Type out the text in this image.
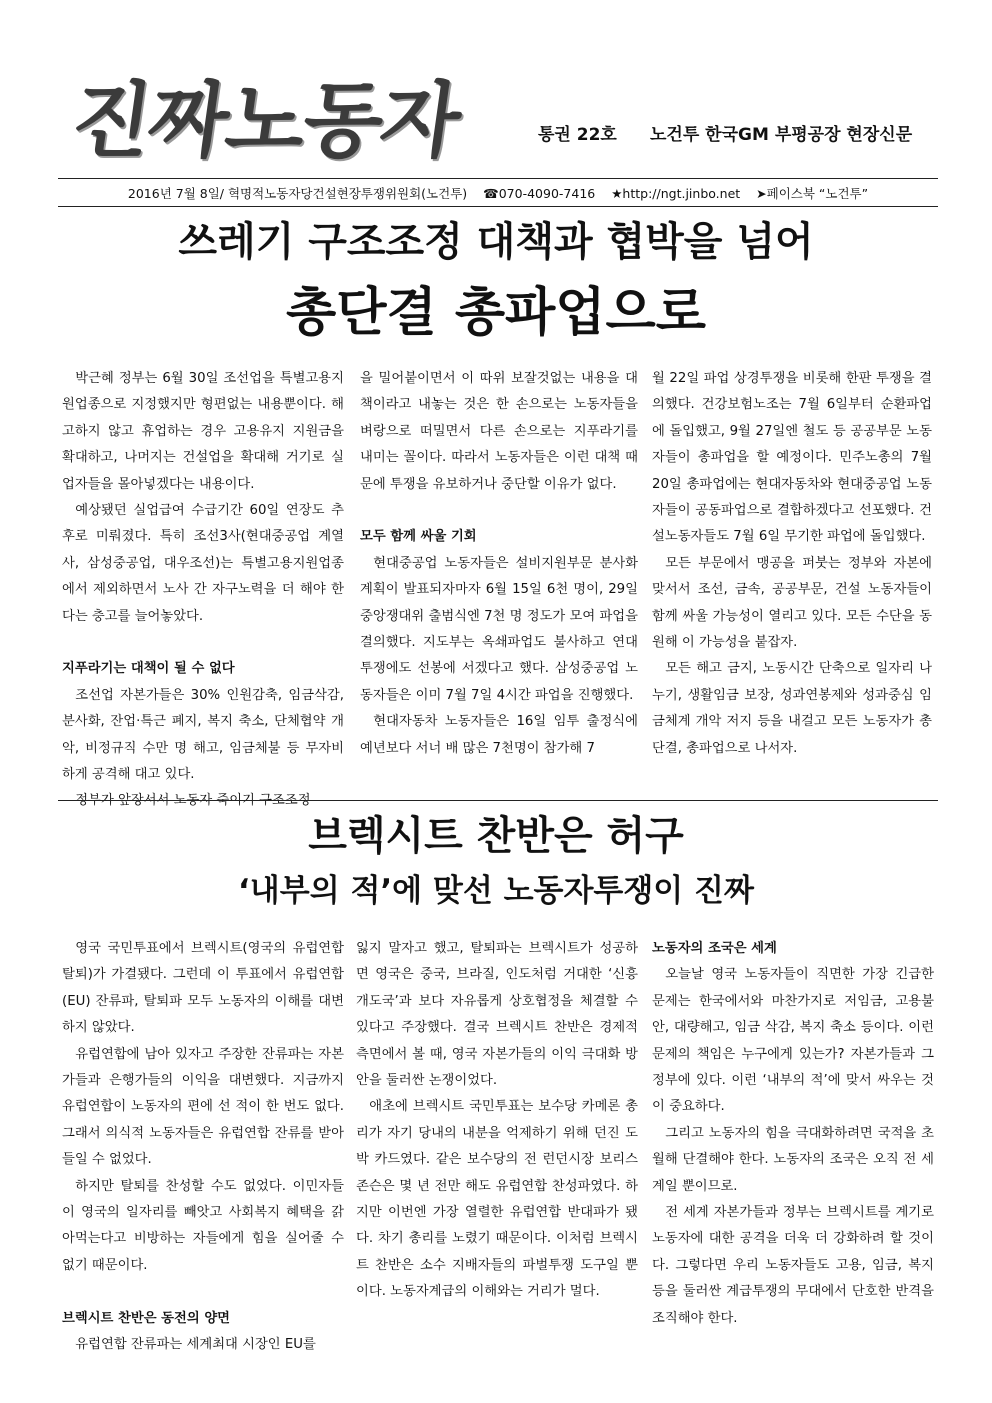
진짜노동자	통권 22호 노건투 한국GM 부평공장 현장신문
2016년 7월 8일/ 혁명적노동자당건설현장투쟁위원회(노건투) ☎070-4090-7416 ★http://ngt.jinbo.net ➤페이스북 “노건투”
쓰레기 구조조정 대책과 협박을 넘어
총단결 총파업으로

박근혜 정부는 6월 30일 조선업을 특별고용지원업종으로 지정했지만 형편없는 내용뿐이다. 해고하지 않고 휴업하는 경우 고용유지 지원금을 확대하고, 나머지는 건설업을 확대해 거기로 실업자들을 몰아넣겠다는 내용이다.

예상됐던 실업급여 수급기간 60일 연장도 추후로 미뤄졌다. 특히 조선3사(현대중공업 계열사, 삼성중공업, 대우조선)는 특별고용지원업종에서 제외하면서 노사 간 자구노력을 더 해야 한다는 충고를 늘어놓았다.

지푸라기는 대책이 될 수 없다

조선업 자본가들은 30% 인원감축, 임금삭감, 분사화, 잔업·특근 폐지, 복지 축소, 단체협약 개악, 비정규직 수만 명 해고, 임금체불 등 무자비하게 공격해 대고 있다.

정부가 앞장서서 노동자 죽이기 구조조정

을 밀어붙이면서 이 따위 보잘것없는 내용을 대책이라고 내놓는 것은 한 손으로는 노동자들을 벼랑으로 떠밀면서 다른 손으로는 지푸라기를 내미는 꼴이다. 따라서 노동자들은 이런 대책 때문에 투쟁을 유보하거나 중단할 이유가 없다.

모두 함께 싸울 기회

현대중공업 노동자들은 설비지원부문 분사화 계획이 발표되자마자 6월 15일 6천 명이, 29일 중앙쟁대위 출범식엔 7천 명 정도가 모여 파업을 결의했다. 지도부는 옥쇄파업도 불사하고 연대투쟁에도 선봉에 서겠다고 했다. 삼성중공업 노동자들은 이미 7월 7일 4시간 파업을 진행했다.

현대자동차 노동자들은 16일 임투 출정식에 예년보다 서너 배 많은 7천명이 참가해 7

월 22일 파업 상경투쟁을 비롯해 한판 투쟁을 결의했다. 건강보험노조는 7월 6일부터 순환파업에 돌입했고, 9월 27일엔 철도 등 공공부문 노동자들이 총파업을 할 예정이다. 민주노총의 7월 20일 총파업에는 현대자동차와 현대중공업 노동자들이 공동파업으로 결합하겠다고 선포했다. 건설노동자들도 7월 6일 무기한 파업에 돌입했다.

모든 부문에서 맹공을 퍼붓는 정부와 자본에 맞서서 조선, 금속, 공공부문, 건설 노동자들이 함께 싸울 가능성이 열리고 있다. 모든 수단을 동원해 이 가능성을 붙잡자.

모든 해고 금지, 노동시간 단축으로 일자리 나누기, 생활임금 보장, 성과연봉제와 성과중심 임금체계 개악 저지 등을 내걸고 모든 노동자가 총단결, 총파업으로 나서자.

브렉시트 찬반은 허구
‘내부의 적’에 맞선 노동자투쟁이 진짜

영국 국민투표에서 브렉시트(영국의 유럽연합 탈퇴)가 가결됐다. 그런데 이 투표에서 유럽연합(EU) 잔류파, 탈퇴파 모두 노동자의 이해를 대변하지 않았다.

유럽연합에 남아 있자고 주장한 잔류파는 자본가들과 은행가들의 이익을 대변했다. 지금까지 유럽연합이 노동자의 편에 선 적이 한 번도 없다. 그래서 의식적 노동자들은 유럽연합 잔류를 받아들일 수 없었다.

하지만 탈퇴를 찬성할 수도 없었다. 이민자들이 영국의 일자리를 빼앗고 사회복지 혜택을 갉아먹는다고 비방하는 자들에게 힘을 실어줄 수 없기 때문이다.

브렉시트 찬반은 동전의 양면

유럽연합 잔류파는 세계최대 시장인 EU를

잃지 말자고 했고, 탈퇴파는 브렉시트가 성공하면 영국은 중국, 브라질, 인도처럼 거대한 ‘신흥 개도국’과 보다 자유롭게 상호협정을 체결할 수 있다고 주장했다. 결국 브렉시트 찬반은 경제적 측면에서 볼 때, 영국 자본가들의 이익 극대화 방안을 둘러싼 논쟁이었다.

애초에 브렉시트 국민투표는 보수당 카메론 총리가 자기 당내의 내분을 억제하기 위해 던진 도박 카드였다. 같은 보수당의 전 런던시장 보리스 존슨은 몇 년 전만 해도 유럽연합 찬성파였다. 하지만 이번엔 가장 열렬한 유럽연합 반대파가 됐다. 차기 총리를 노렸기 때문이다. 이처럼 브렉시트 찬반은 소수 지배자들의 파벌투쟁 도구일 뿐이다. 노동자계급의 이해와는 거리가 멀다.

노동자의 조국은 세계

오늘날 영국 노동자들이 직면한 가장 긴급한 문제는 한국에서와 마찬가지로 저임금, 고용불안, 대량해고, 임금 삭감, 복지 축소 등이다. 이런 문제의 책임은 누구에게 있는가? 자본가들과 그 정부에 있다. 이런 ‘내부의 적’에 맞서 싸우는 것이 중요하다.

그리고 노동자의 힘을 극대화하려면 국적을 초월해 단결해야 한다. 노동자의 조국은 오직 전 세계일 뿐이므로.

전 세계 자본가들과 정부는 브렉시트를 계기로 노동자에 대한 공격을 더욱 더 강화하려 할 것이다. 그렇다면 우리 노동자들도 고용, 임금, 복지 등을 둘러싼 계급투쟁의 무대에서 단호한 반격을 조직해야 한다.
